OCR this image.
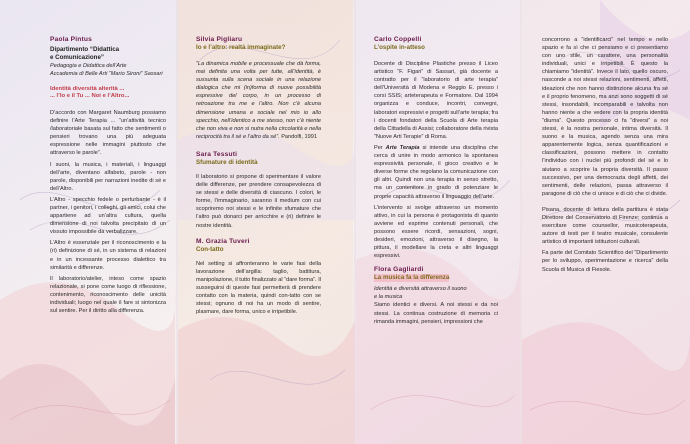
Paola Pintus
Dipartimento “Didattica
e Comunicazione”
Pedagogia e Didattica dell’Arte
Accademia di Belle Arti “Mario Sironi” Sassari
Identità diversità alterità ...
... l’Io e il Tu ... Noi e l’Altro...

D’accordo con Margaret Naumburg possiamo definire l’Arte Terapia ... “un’attività tecnico /laboratoriale basata sul fatto che sentimenti o pensieri trovano una più adeguata espressione nelle immagini piuttosto che attraverso le parole”.

I suoni, la musica, i materiali, i linguaggi dell’arte, diventano alfabeto, parole - non parole, disponibili per narrazioni inedite di sé e dell’Altro.

L’Altro - specchio fedele o perturbante - è il partner, i genitori, i colleghi, gli amici, colui che appartiene ad un’altra cultura, quella dimensione di noi talvolta precipitato di un vissuto impossibile da verbalizzare.

L’Altro è essenziale per il riconoscimento e la (ri) definizione di sé, in un sistema di relazioni e in un incessante processo dialettico tra similarità e differenze.

Il laboratorio/atelier, inteso come spazio relazionale, si pone come luogo di riflessione, contenimento, riconoscimento delle unicità individuali; luogo nel quale il fare si sintonizza sul sentire. Per il diritto alla differenza.

Silvia Pigliaru
Io e l’altro: realtà immaginate?

“La dinamica mobile e processuale che dà forma, mai definita una volta per tutte, all’identità, è sussunta sulla scena sociale in una relazione dialogica che mi (in)forma di nuove possibilità espressive del corpo, in un processo di retroazione tra me e l’altro. Non c’è alcuna dimensione umana e sociale nel mio io allo specchio, nell’identico a me stesso, non c’è niente che non viva e non si nutra nella circolarità e nella reciprocità tra il sé e l’altro da sé”. Pandolfi, 1991

Sara Tessuti
Sfumature di identità

Il laboratorio si propone di sperimentare il valore delle differenze, per prendere consapevolezza di se stessi e delle diversità di ciascuno. I colori, le forme, l’immaginario, saranno il medium con cui scopriremo noi stessi e le infinite sfumature che l’altro può donarci per arricchire e (ri) definire le nostre identità.

M. Grazia Tuveri
Con-tatto

Nel setting si affronteranno le varie fasi della lavorazione dell’argilla: taglio, battitura, manipolazione, il tutto finalizzato al “dare forma”. Il susseguirsi di queste fasi permetterà di prendere contatto con la materia, quindi con-tatto con se stessi; ognuno di noi ha un modo di sentire, plasmare, dare forma, unico e irripetibile.

Carlo Coppelli
L’ospite in-atteso

Docente di Discipline Plastiche presso il Liceo artistico “F. Figari” di Sassari, già docente a contratto per il “laboratorio di arte terapia” dell’Università di Modena e Reggio E. presso i corsi SSIS; arteterapeuta e Formatore. Dal 1994 organizza e conduce, incontri, convegni, laboratori espressivi e progetti sull’arte terapia; fra i docenti fondatori della Scuola di Arte terapia della Cittadella di Assisi; collaboratore della rivista “Nuove Arti Terapie” di Roma.

Per Arte Terapia si intende una disciplina che cerca di unire in modo armonico la spontanea espressività personale, il gioco creativo e le diverse forme che regolano la comunicazione con gli altri. Quindi non una terapia in senso stretto, ma un contenitore in grado di potenziare le proprie capacità attraverso il linguaggio dell’arte.

L’intervento si svolge attraverso un momento attivo, in cui la persona è protagonista di quanto avviene ed esprime contenuti personali, che possono essere ricordi, sensazioni, sogni, desideri, emozioni, attraverso il disegno, la pittura, il modellare la creta e altri linguaggi espressivi.

Flora Gagliardi
La musica fa la differenza
Identità e diversità attraverso il suono
e la musica

Siamo identici e diversi. A noi stessi e da noi stessi. La continua costruzione di memoria ci rimanda immagini, pensieri, impressioni che

concorrono a “identificarci” nel tempo e nello spazio e fa sì che ci pensiamo e ci presentiamo con uno stile, un carattere, una personalità individuali, unici e irripetibili. È questo la chiamiamo “identità”. Invece il lato, quello oscuro, nasconde a noi stessi relazioni, sentimenti, affetti, ideazioni che non hanno distinzione alcuna fra sé e il proprio fenomeno, ma anzi sono soggetti di sé stessi, insondabili, incomparabili e talvolta non hanno niente a che vedere con la propria identità “diurna”. Questo processo ci fa “diversi” a noi stessi, è la nostra personale, intima diversità. Il suono e la musica, agendo senza una mira apparentemente logica, senza quantificazioni e classificazioni, possono mettere in contatto l’individuo con i nuclei più profondi del sé e lo aiutano a scoprire la propria diversità. Il passo successivo, per una democrazia degli affetti, dei sentimenti, delle relazioni, passa attraverso il paragone di ciò che ci unisce e di ciò che ci divide.

Pisana, docente di lettura della partitura è stata Direttore del Conservatorio di Firenze; continua a esercitare come counsellor, musicoterapeuta, autore di testi per il teatro musicale, consulente artistico di importanti istituzioni culturali.

Fa parte del Comitato Scientifico del “Dipartimento per lo sviluppo, sperimentazione e ricerca” della Scuola di Musica di Fiesole.
